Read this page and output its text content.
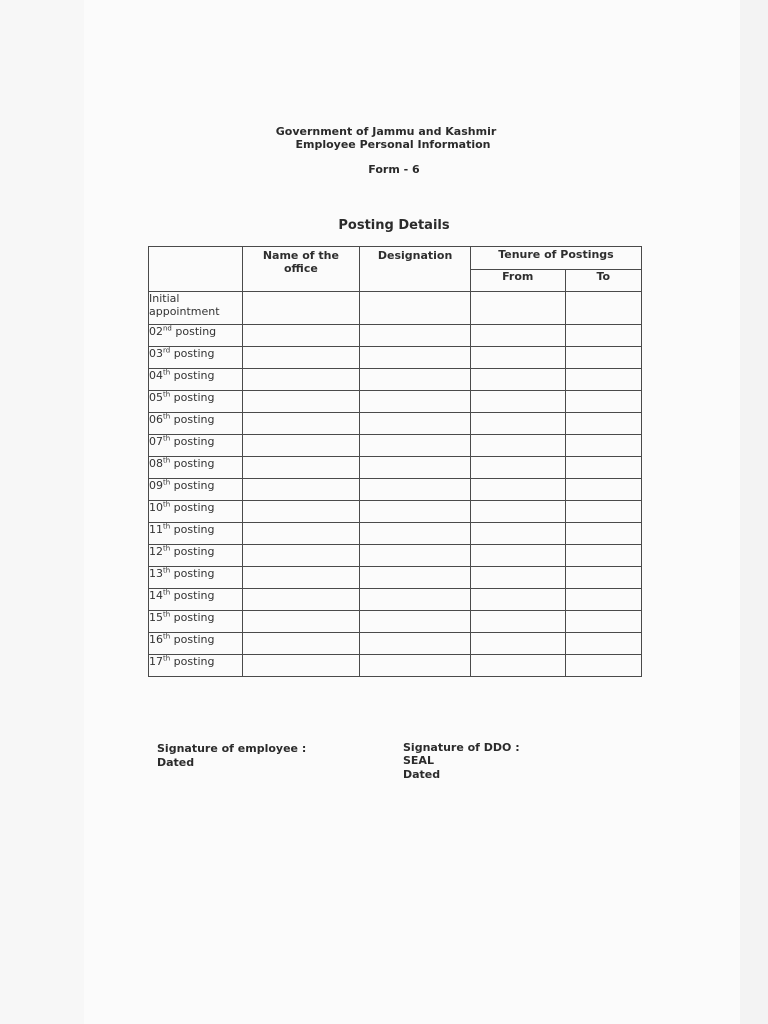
Government of Jammu and Kashmir
Employee Personal Information
Form - 6
Posting Details

	Name of the office	Designation	Tenure of Postings	

			From	To
Initial appointment				
02nd posting				
03rd posting				
04th posting				
05th posting				
06th posting				
07th posting				
08th posting				
09th posting				
10th posting				
11th posting				
12th posting				
13th posting				
14th posting				
15th posting				
16th posting				
17th posting				
Signature of employee :
Dated
Signature of DDO :
SEAL
Dated
